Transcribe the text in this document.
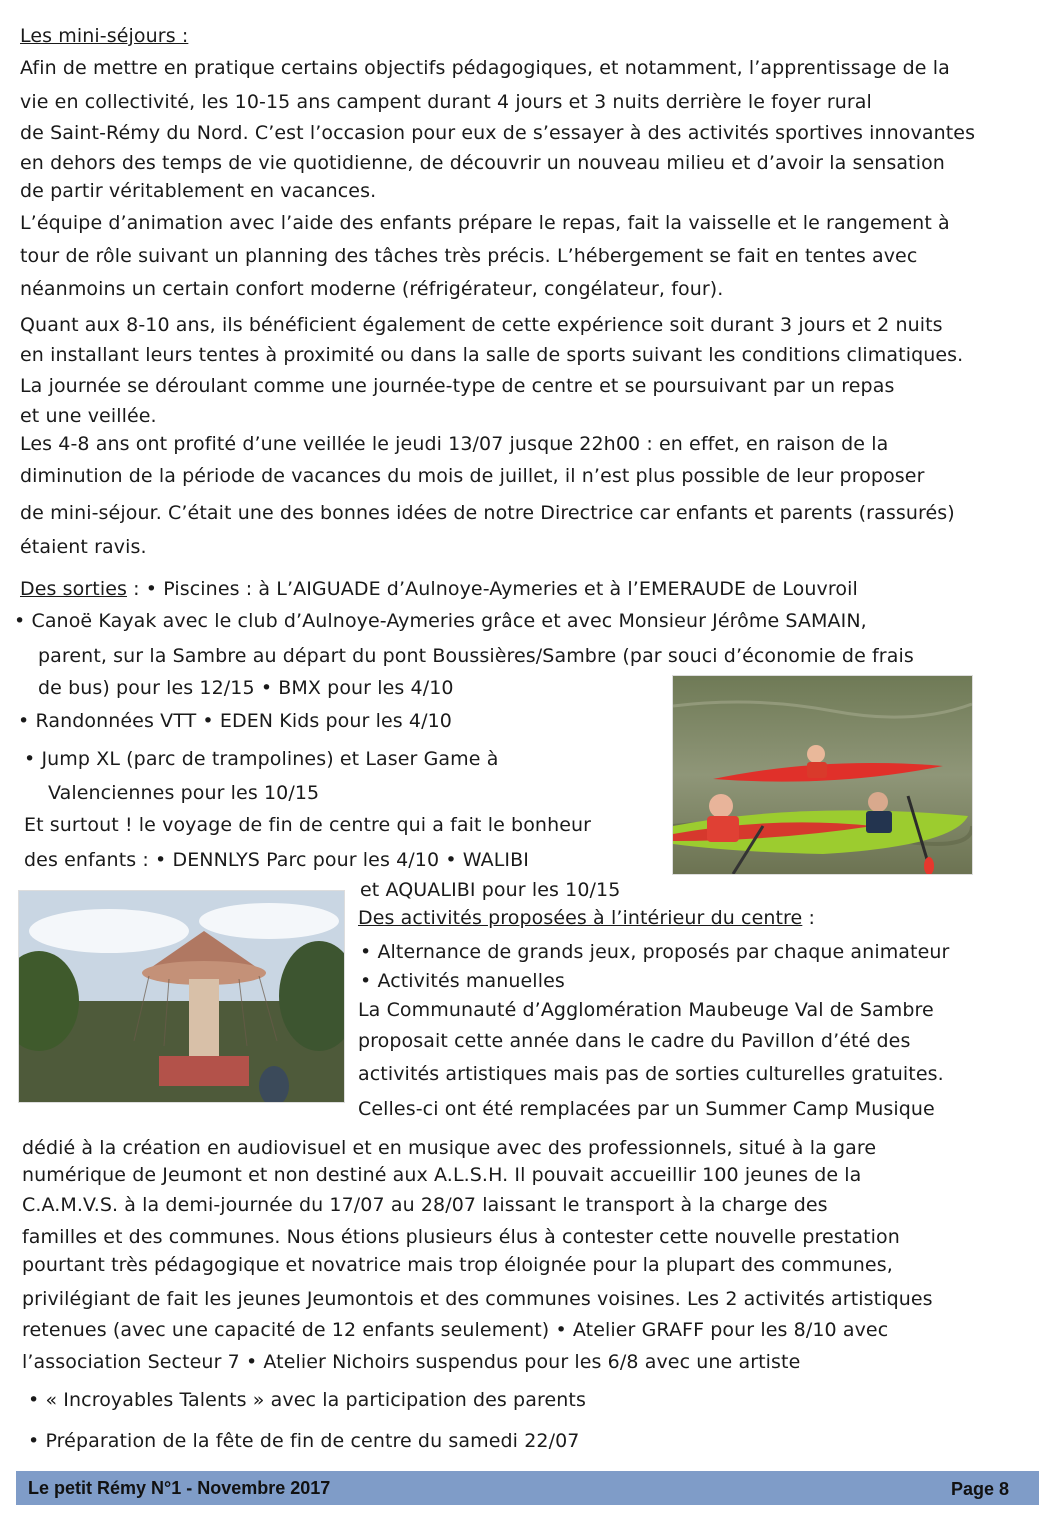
Les mini-séjours :
Afin de mettre en pratique certains objectifs pédagogiques, et notamment, l’apprentissage de la
vie en collectivité, les 10-15 ans campent durant 4 jours et 3 nuits derrière le foyer rural
de Saint-Rémy du Nord. C’est l’occasion pour eux de s’essayer à des activités sportives innovantes
en dehors des temps de vie quotidienne, de découvrir un nouveau milieu et d’avoir la sensation
de partir véritablement en vacances.
L’équipe d’animation avec l’aide des enfants prépare le repas, fait la vaisselle et le rangement à
tour de rôle suivant un planning des tâches très précis. L’hébergement se fait en tentes avec
néanmoins un certain confort moderne (réfrigérateur, congélateur, four).
Quant aux 8-10 ans, ils bénéficient également de cette expérience soit durant 3 jours et 2 nuits
en installant leurs tentes à proximité ou dans la salle de sports suivant les conditions climatiques.
La journée se déroulant comme une journée-type de centre et se poursuivant par un repas
et une veillée.
Les 4-8 ans ont profité d’une veillée le jeudi 13/07 jusque 22h00 : en effet, en raison de la
diminution de la période de vacances du mois de juillet, il n’est plus possible de leur proposer
de mini-séjour. C’était une des bonnes idées de notre Directrice car enfants et parents (rassurés)
étaient ravis.
Des sorties : • Piscines : à L’AIGUADE d’Aulnoye-Aymeries et à l’EMERAUDE de Louvroil
• Canoë Kayak avec le club d’Aulnoye-Aymeries grâce et avec Monsieur Jérôme SAMAIN,
parent, sur la Sambre au départ du pont Boussières/Sambre (par souci d’économie de frais
de bus) pour les 12/15 • BMX pour les 4/10
• Randonnées VTT • EDEN Kids pour les 4/10
• Jump XL (parc de trampolines) et Laser Game à
Valenciennes pour les 10/15
Et surtout ! le voyage de fin de centre qui a fait le bonheur
des enfants : • DENNLYS Parc pour les 4/10 • WALIBI
et AQUALIBI pour les 10/15
Des activités proposées à l’intérieur du centre :
• Alternance de grands jeux, proposés par chaque animateur
• Activités manuelles
La Communauté d’Agglomération Maubeuge Val de Sambre
proposait cette année dans le cadre du Pavillon d’été des
activités artistiques mais pas de sorties culturelles gratuites.
Celles-ci ont été remplacées par un Summer Camp Musique
dédié à la création en audiovisuel et en musique avec des professionnels, situé à la gare
numérique de Jeumont et non destiné aux A.L.S.H. Il pouvait accueillir 100 jeunes de la
C.A.M.V.S. à la demi-journée du 17/07 au 28/07 laissant le transport à la charge des
familles et des communes. Nous étions plusieurs élus à contester cette nouvelle prestation
pourtant très pédagogique et novatrice mais trop éloignée pour la plupart des communes,
privilégiant de fait les jeunes Jeumontois et des communes voisines. Les 2 activités artistiques
retenues (avec une capacité de 12 enfants seulement) • Atelier GRAFF pour les 8/10 avec
l’association Secteur 7 • Atelier Nichoirs suspendus pour les 6/8 avec une artiste
• « Incroyables Talents » avec la participation des parents
• Préparation de la fête de fin de centre du samedi 22/07
Le petit Rémy N°1 - Novembre 2017	Page 8
